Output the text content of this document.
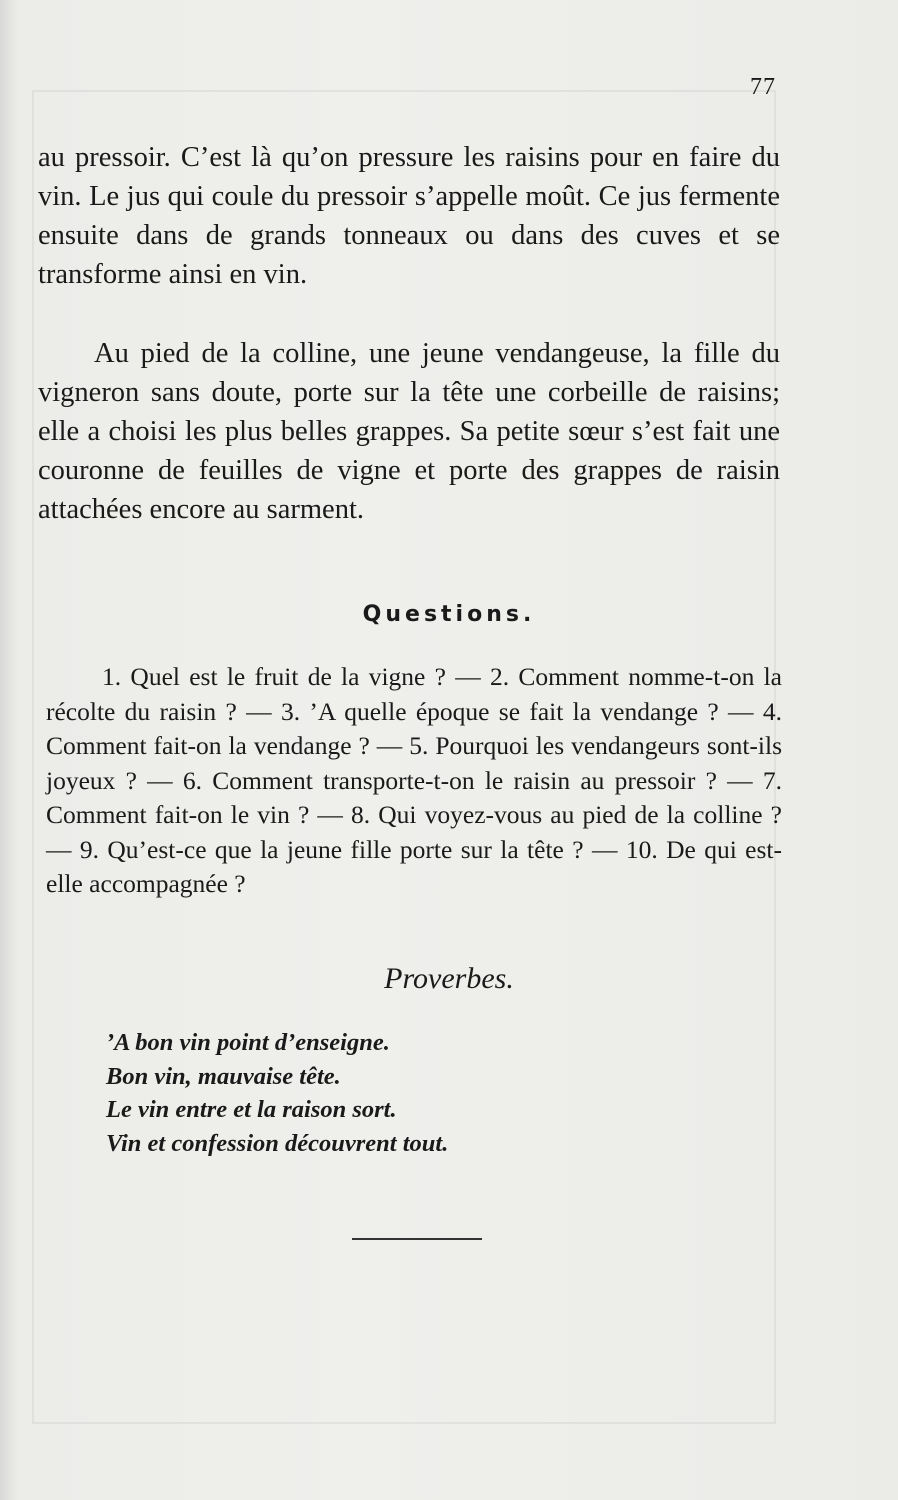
77

au pressoir. C’est là qu’on pressure les raisins pour en faire du vin. Le jus qui coule du pressoir s’appelle moût. Ce jus fermente ensuite dans de grands tonneaux ou dans des cuves et se transforme ainsi en vin.

Au pied de la colline, une jeune vendangeuse, la fille du vigneron sans doute, porte sur la tête une corbeille de raisins; elle a choisi les plus belles grappes. Sa petite sœur s’est fait une couronne de feuilles de vigne et porte des grappes de raisin attachées encore au sarment.

Questions.

1. Quel est le fruit de la vigne ? — 2. Comment nomme-t-on la récolte du raisin ? — 3. ’A quelle époque se fait la vendange ? — 4. Comment fait-on la vendange ? — 5. Pourquoi les vendangeurs sont-ils joyeux ? — 6. Comment transporte-t-on le raisin au pressoir ? — 7. Comment fait-on le vin ? — 8. Qui voyez-vous au pied de la colline ? — 9. Qu’est-ce que la jeune fille porte sur la tête ? — 10. De qui est-elle accompagnée ?

Proverbes.
’A bon vin point d’enseigne.
Bon vin, mauvaise tête.
Le vin entre et la raison sort.
Vin et confession découvrent tout.
